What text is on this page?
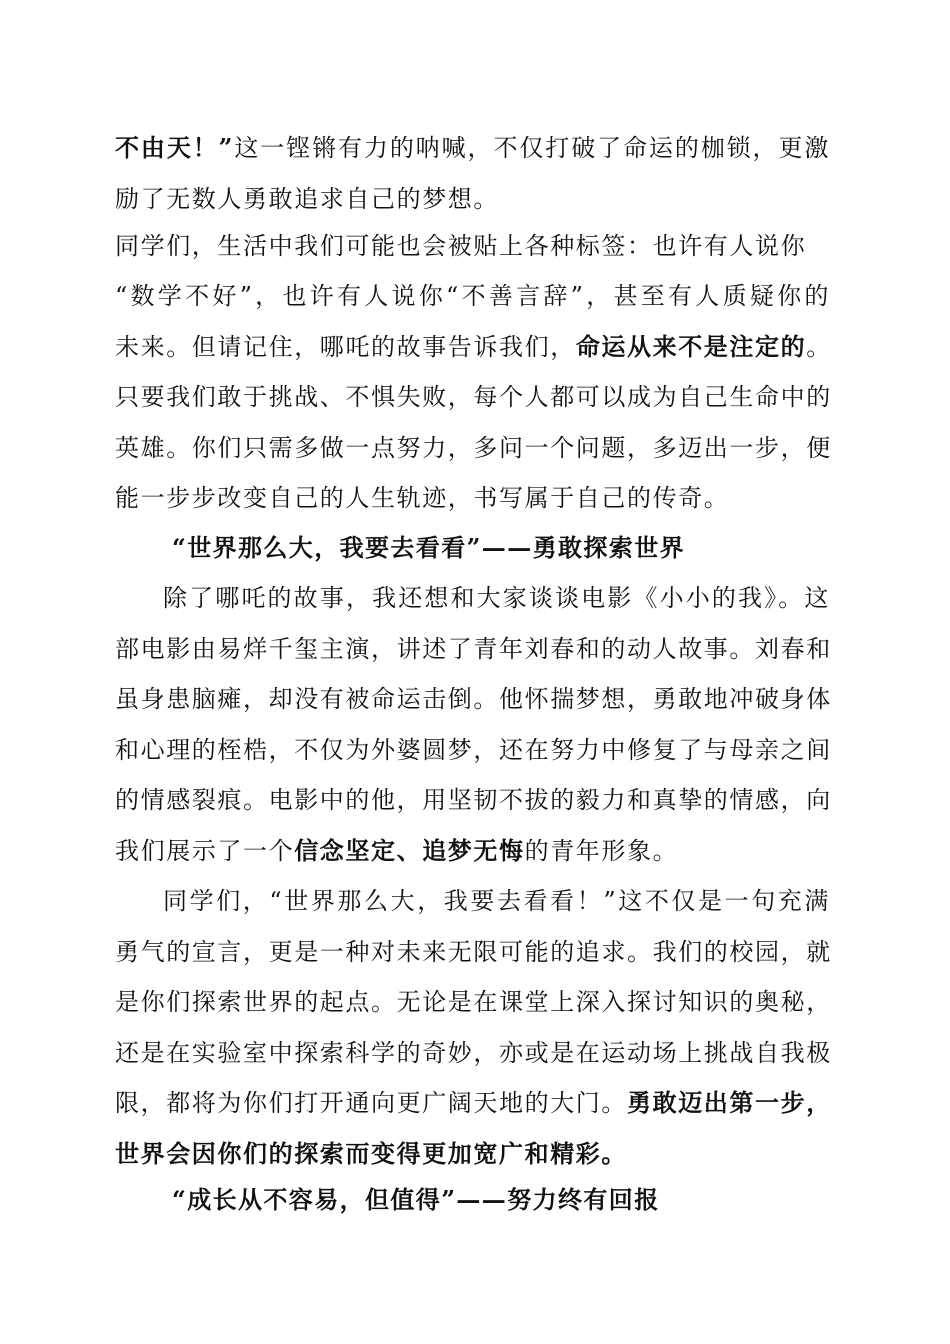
不由天！”这一铿锵有力的呐喊，不仅打破了命运的枷锁，更激
励了无数人勇敢追求自己的梦想。
同学们，生活中我们可能也会被贴上各种标签：也许有人说你
“数学不好”，也许有人说你“不善言辞”，甚至有人质疑你的
未来。但请记住，哪吒的故事告诉我们，命运从来不是注定的。
只要我们敢于挑战、不惧失败，每个人都可以成为自己生命中的
英雄。你们只需多做一点努力，多问一个问题，多迈出一步，便
能一步步改变自己的人生轨迹，书写属于自己的传奇。
“世界那么大，我要去看看”——勇敢探索世界
除了哪吒的故事，我还想和大家谈谈电影《小小的我》。这
部电影由易烊千玺主演，讲述了青年刘春和的动人故事。刘春和
虽身患脑瘫，却没有被命运击倒。他怀揣梦想，勇敢地冲破身体
和心理的桎梏，不仅为外婆圆梦，还在努力中修复了与母亲之间
的情感裂痕。电影中的他，用坚韧不拔的毅力和真挚的情感，向
我们展示了一个信念坚定、追梦无悔的青年形象。
同学们，“世界那么大，我要去看看！”这不仅是一句充满
勇气的宣言，更是一种对未来无限可能的追求。我们的校园，就
是你们探索世界的起点。无论是在课堂上深入探讨知识的奥秘，
还是在实验室中探索科学的奇妙，亦或是在运动场上挑战自我极
限，都将为你们打开通向更广阔天地的大门。勇敢迈出第一步，
世界会因你们的探索而变得更加宽广和精彩。
“成长从不容易，但值得”——努力终有回报
